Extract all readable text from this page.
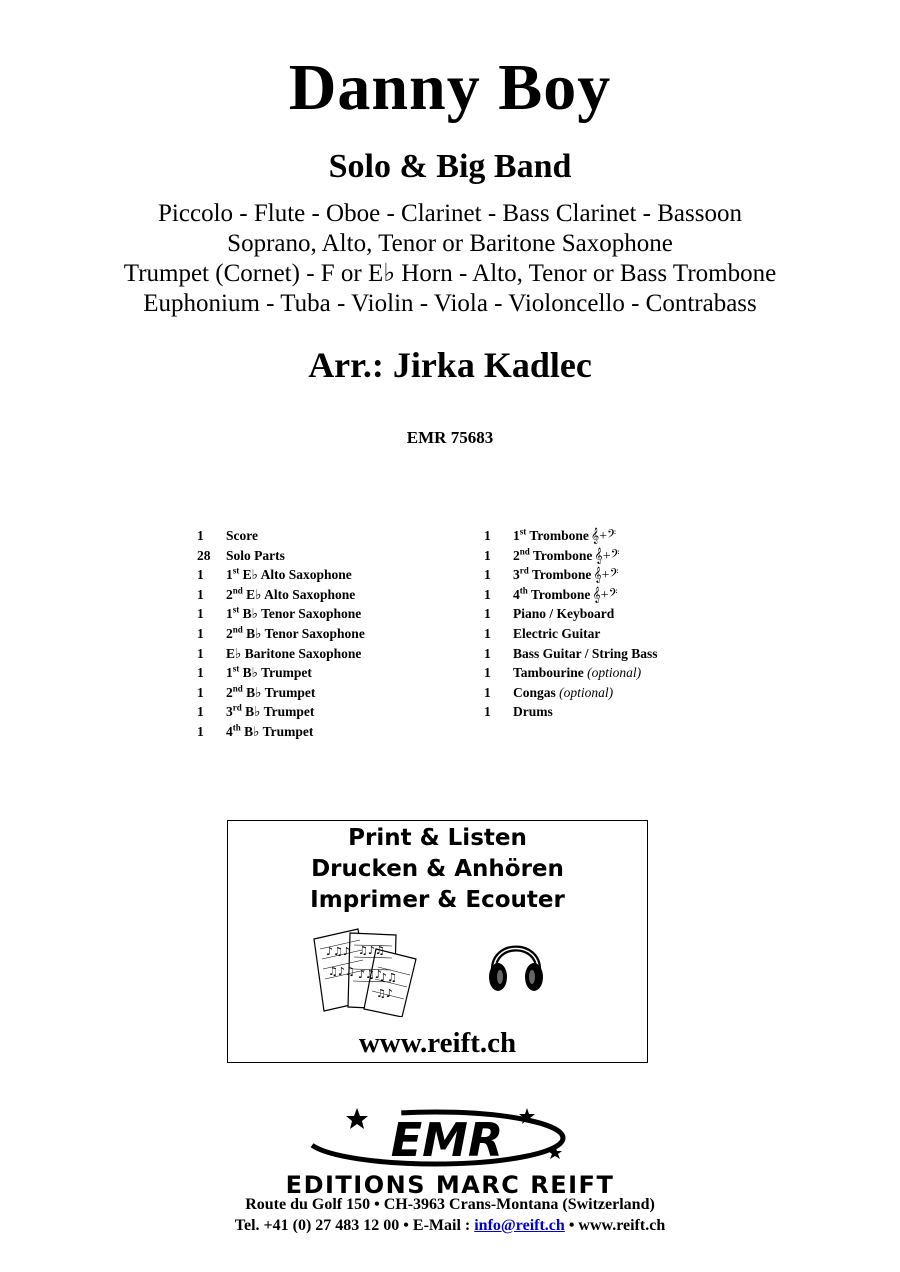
Danny Boy
Solo & Big Band
Piccolo - Flute - Oboe - Clarinet - Bass Clarinet - Bassoon
Soprano, Alto, Tenor or Baritone Saxophone
Trumpet (Cornet) - F or E♭ Horn - Alto, Tenor or Bass Trombone
Euphonium - Tuba - Violin - Viola - Violoncello - Contrabass
Arr.: Jirka Kadlec
EMR 75683
1 Score
28 Solo Parts
1 1st E♭ Alto Saxophone
1 2nd E♭ Alto Saxophone
1 1st B♭ Tenor Saxophone
1 2nd B♭ Tenor Saxophone
1 E♭ Baritone Saxophone
1 1st B♭ Trumpet
1 2nd B♭ Trumpet
1 3rd B♭ Trumpet
1 4th B♭ Trumpet
1 1st Trombone 𝄞+𝄢
1 2nd Trombone 𝄞+𝄢
1 3rd Trombone 𝄞+𝄢
1 4th Trombone 𝄞+𝄢
1 Piano / Keyboard
1 Electric Guitar
1 Bass Guitar / String Bass
1 Tambourine (optional)
1 Congas (optional)
1 Drums
Print & Listen
Drucken & Anhören
Imprimer & Ecouter
♪♫♪
♫♪♫
♫♪♫
♪♫♪
♪♫
♫♪
www.reift.ch
EMR
EDITIONS MARC REIFT
Route du Golf 150 • CH-3963 Crans-Montana (Switzerland)
Tel. +41 (0) 27 483 12 00 • E-Mail : info@reift.ch • www.reift.ch
